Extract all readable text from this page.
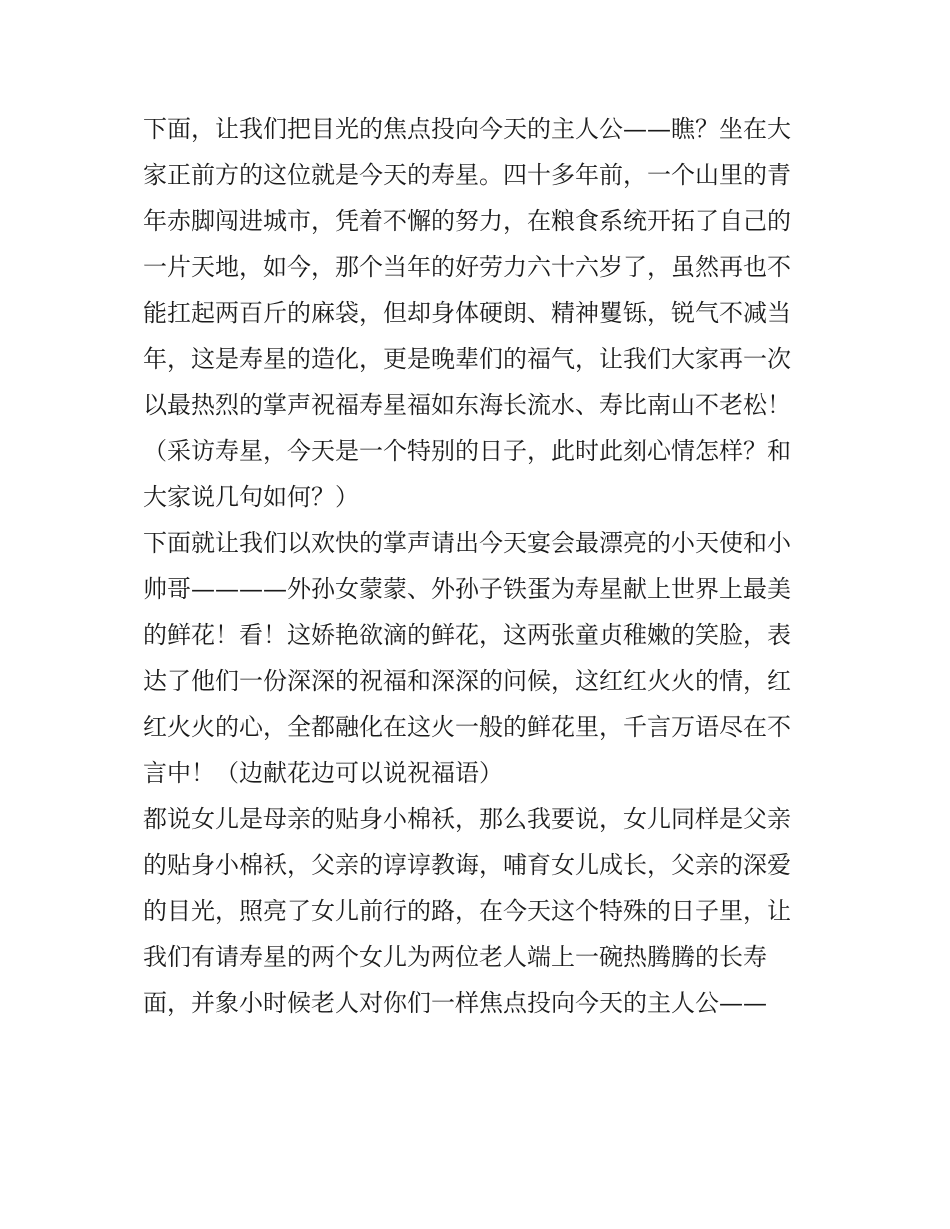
下面，让我们把目光的焦点投向今天的主人公——瞧？坐在大
家正前方的这位就是今天的寿星。四十多年前，一个山里的青
年赤脚闯进城市，凭着不懈的努力，在粮食系统开拓了自己的
一片天地，如今，那个当年的好劳力六十六岁了，虽然再也不
能扛起两百斤的麻袋，但却身体硬朗、精神矍铄，锐气不减当
年，这是寿星的造化，更是晚辈们的福气，让我们大家再一次
以最热烈的掌声祝福寿星福如东海长流水、寿比南山不老松！
（采访寿星，今天是一个特别的日子，此时此刻心情怎样？和
大家说几句如何？）
下面就让我们以欢快的掌声请出今天宴会最漂亮的小天使和小
帅哥————外孙女蒙蒙、外孙子铁蛋为寿星献上世界上最美
的鲜花！看！这娇艳欲滴的鲜花，这两张童贞稚嫩的笑脸，表
达了他们一份深深的祝福和深深的问候，这红红火火的情，红
红火火的心，全都融化在这火一般的鲜花里，千言万语尽在不
言中！（边献花边可以说祝福语）
都说女儿是母亲的贴身小棉袄，那么我要说，女儿同样是父亲
的贴身小棉袄，父亲的谆谆教诲，哺育女儿成长，父亲的深爱
的目光，照亮了女儿前行的路，在今天这个特殊的日子里，让
我们有请寿星的两个女儿为两位老人端上一碗热腾腾的长寿
面，并象小时候老人对你们一样焦点投向今天的主人公——
